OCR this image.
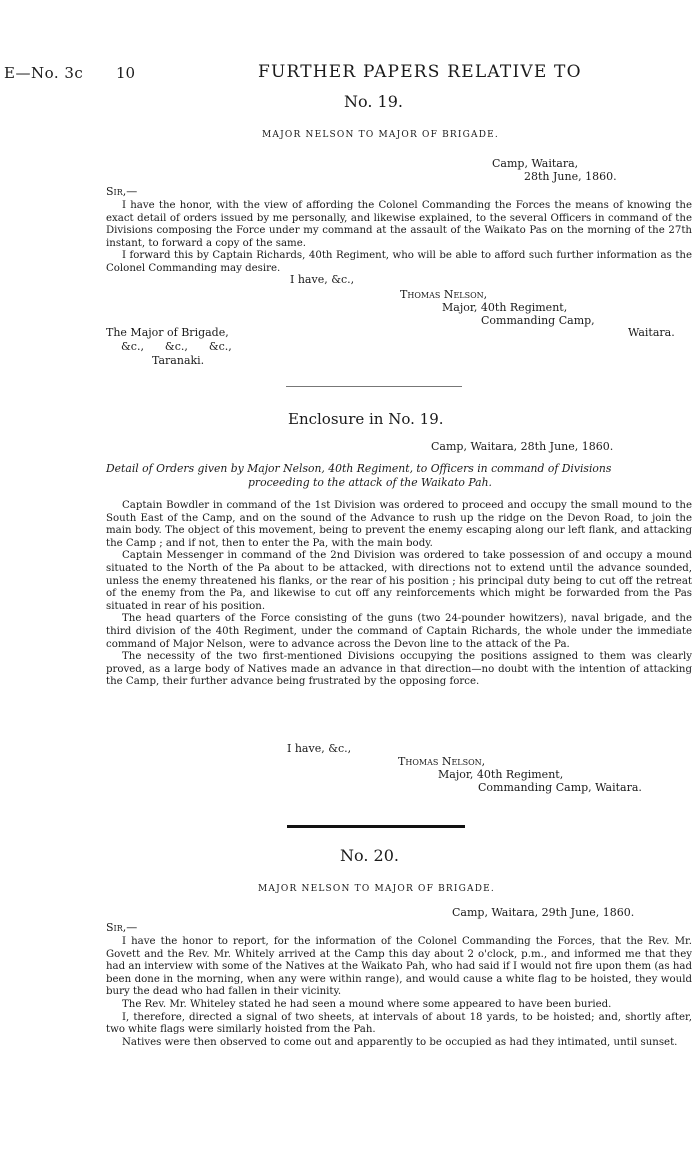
E—No. 3c 10	FURTHER PAPERS RELATIVE TO
No. 19.
MAJOR NELSON TO MAJOR OF BRIGADE.
Camp, Waitara,
28th June, 1860.
Sir,—

I have the honor, with the view of affording the Colonel Commanding the Forces the means of knowing the exact detail of orders issued by me personally, and likewise explained, to the several Officers in command of the Divisions composing the Force under my command at the assault of the Waikato Pas on the morning of the 27th instant, to forward a copy of the same.

I forward this by Captain Richards, 40th Regiment, who will be able to afford such further information as the Colonel Commanding may desire.

I have, &c.,
Thomas Nelson,
Major, 40th Regiment,
Commanding Camp,
The Major of Brigade,	Waitara.
&c.,      &c.,      &c.,
Taranaki.
Enclosure in No. 19.
Camp, Waitara, 28th June, 1860.
Detail of Orders given by Major Nelson, 40th Regiment, to Officers in command of Divisions
proceeding to the attack of the Waikato Pah.

Captain Bowdler in command of the 1st Division was ordered to proceed and occupy the small mound to the South East of the Camp, and on the sound of the Advance to rush up the ridge on the Devon Road, to join the main body. The object of this movement, being to prevent the enemy escaping along our left flank, and attacking the Camp ; and if not, then to enter the Pa, with the main body.

Captain Messenger in command of the 2nd Division was ordered to take possession of and occupy a mound situated to the North of the Pa about to be attacked, with directions not to extend until the advance sounded, unless the enemy threatened his flanks, or the rear of his position ; his principal duty being to cut off the retreat of the enemy from the Pa, and likewise to cut off any reinforcements which might be forwarded from the Pas situated in rear of his position.

The head quarters of the Force consisting of the guns (two 24-pounder howitzers), naval brigade, and the third division of the 40th Regiment, under the command of Captain Richards, the whole under the immediate command of Major Nelson, were to advance across the Devon line to the attack of the Pa.

The necessity of the two first-mentioned Divisions occupying the positions assigned to them was clearly proved, as a large body of Natives made an advance in that direction—no doubt with the intention of attacking the Camp, their further advance being frustrated by the opposing force.

I have, &c.,
Thomas Nelson,
Major, 40th Regiment,
Commanding Camp, Waitara.
No. 20.
MAJOR NELSON TO MAJOR OF BRIGADE.
Camp, Waitara, 29th June, 1860.
Sir,—

I have the honor to report, for the information of the Colonel Commanding the Forces, that the Rev. Mr. Govett and the Rev. Mr. Whitely arrived at the Camp this day about 2 o'clock, p.m., and informed me that they had an interview with some of the Natives at the Waikato Pah, who had said if I would not fire upon them (as had been done in the morning, when any were within range), and would cause a white flag to be hoisted, they would bury the dead who had fallen in their vicinity.

The Rev. Mr. Whiteley stated he had seen a mound where some appeared to have been buried.

I, therefore, directed a signal of two sheets, at intervals of about 18 yards, to be hoisted; and, shortly after, two white flags were similarly hoisted from the Pah.

Natives were then observed to come out and apparently to be occupied as had they intimated, until sunset.
